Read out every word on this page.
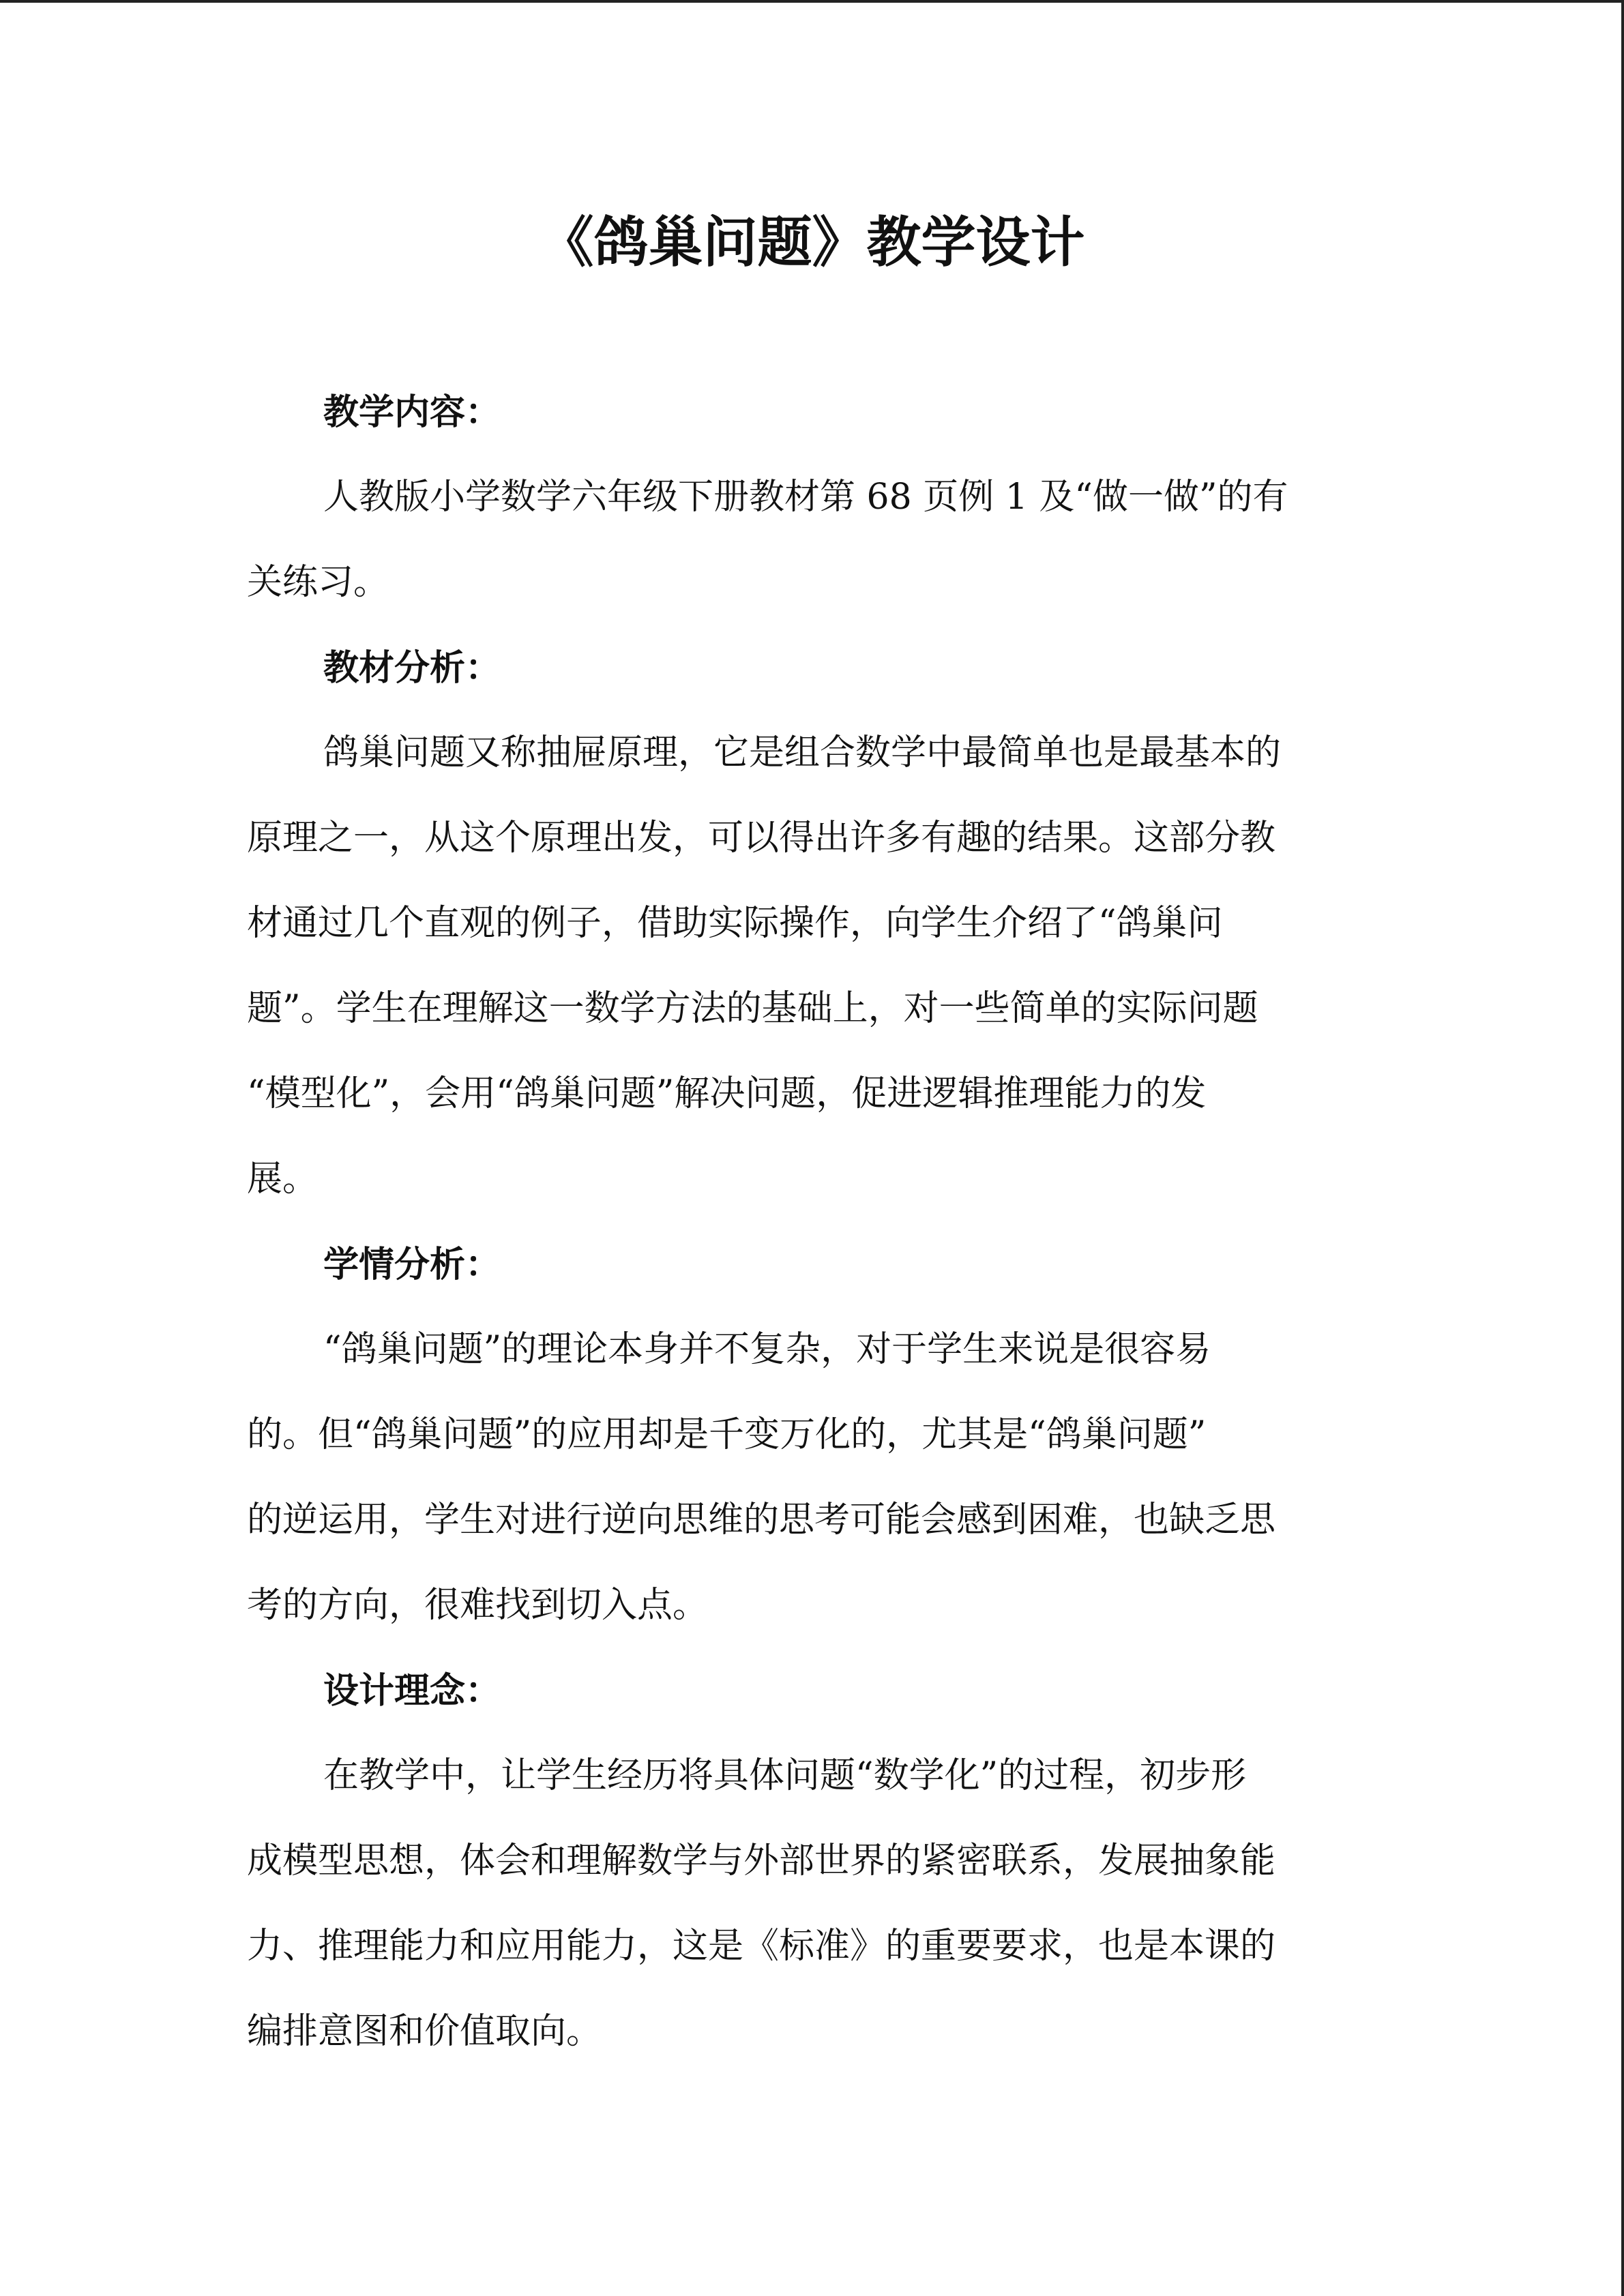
《鸽巢问题》教学设计
教学内容：

人教版小学数学六年级下册教材第 68 页例 1 及“做一做”的有
关练习。

教材分析：

鸽巢问题又称抽屉原理，它是组合数学中最简单也是最基本的
原理之一，从这个原理出发，可以得出许多有趣的结果。这部分教
材通过几个直观的例子，借助实际操作，向学生介绍了“鸽巢问
题”。学生在理解这一数学方法的基础上，对一些简单的实际问题
“模型化”，会用“鸽巢问题”解决问题，促进逻辑推理能力的发
展。

学情分析：

“鸽巢问题”的理论本身并不复杂，对于学生来说是很容易
的。但“鸽巢问题”的应用却是千变万化的，尤其是“鸽巢问题”
的逆运用，学生对进行逆向思维的思考可能会感到困难，也缺乏思
考的方向，很难找到切入点。

设计理念：

在教学中，让学生经历将具体问题“数学化”的过程，初步形
成模型思想，体会和理解数学与外部世界的紧密联系，发展抽象能
力、推理能力和应用能力，这是《标准》的重要要求，也是本课的
编排意图和价值取向。
